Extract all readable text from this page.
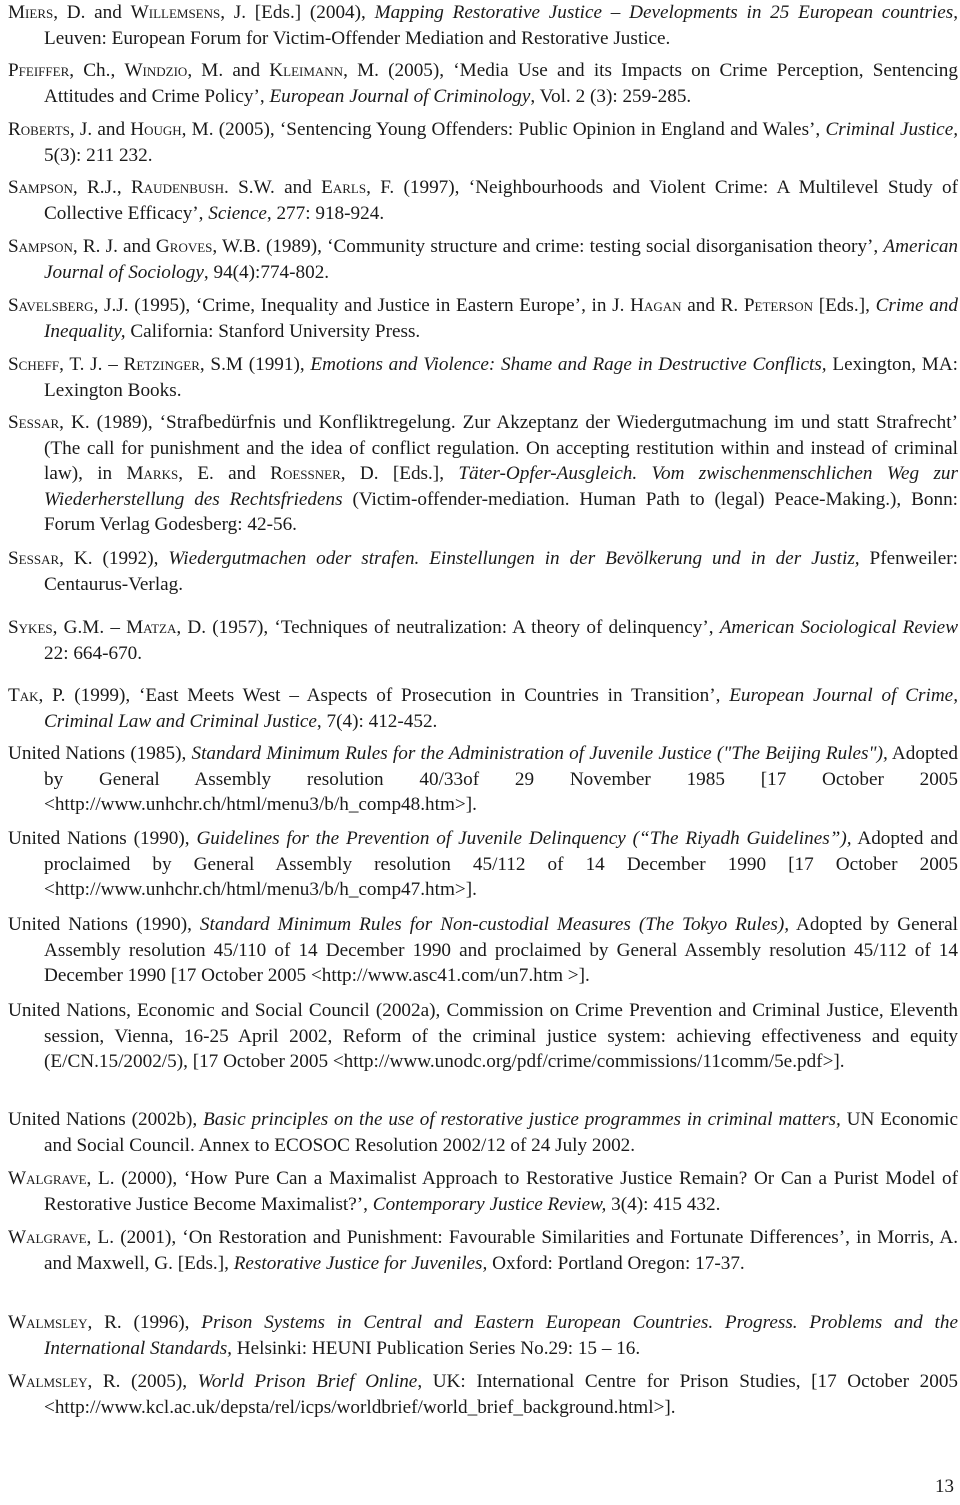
Miers, D. and Willemsens, J. [Eds.] (2004), Mapping Restorative Justice – Developments in 25 European countries, Leuven: European Forum for Victim-Offender Mediation and Restorative Justice.
Pfeiffer, Ch., Windzio, M. and Kleimann, M. (2005), ‘Media Use and its Impacts on Crime Perception, Sentencing Attitudes and Crime Policy’, European Journal of Criminology, Vol. 2 (3): 259-285.
Roberts, J. and Hough, M. (2005), ‘Sentencing Young Offenders: Public Opinion in England and Wales’, Criminal Justice, 5(3): 211 232.
Sampson, R.J., Raudenbush. S.W. and Earls, F. (1997), ‘Neighbourhoods and Violent Crime: A Multilevel Study of Collective Efficacy’, Science, 277: 918-924.
Sampson, R. J. and Groves, W.B. (1989), ‘Community structure and crime: testing social disorganisation theory’, American Journal of Sociology, 94(4):774-802.
Savelsberg, J.J. (1995), ‘Crime, Inequality and Justice in Eastern Europe’, in J. Hagan and R. Peterson [Eds.], Crime and Inequality, California: Stanford University Press.
Scheff, T. J. – Retzinger, S.M (1991), Emotions and Violence: Shame and Rage in Destructive Conflicts, Lexington, MA: Lexington Books.
Sessar, K. (1989), ‘Strafbedürfnis und Konfliktregelung. Zur Akzeptanz der Wiedergutmachung im und statt Strafrecht’ (The call for punishment and the idea of conflict regulation. On accepting restitution within and instead of criminal law), in Marks, E. and Roessner, D. [Eds.], Täter-Opfer-Ausgleich. Vom zwischenmenschlichen Weg zur Wiederherstellung des Rechtsfriedens (Victim-offender-mediation. Human Path to (legal) Peace-Making.), Bonn: Forum Verlag Godesberg: 42-56.
Sessar, K. (1992), Wiedergutmachen oder strafen. Einstellungen in der Bevölkerung und in der Justiz, Pfenweiler: Centaurus-Verlag.
Sykes, G.M. – Matza, D. (1957), ‘Techniques of neutralization: A theory of delinquency’, American Sociological Review 22: 664-670.
Tak, P. (1999), ‘East Meets West – Aspects of Prosecution in Countries in Transition’, European Journal of Crime, Criminal Law and Criminal Justice, 7(4): 412-452.
United Nations (1985), Standard Minimum Rules for the Administration of Juvenile Justice ("The Beijing Rules"), Adopted by General Assembly resolution 40/33of 29 November 1985 [17 October 2005 <http://www.unhchr.ch/html/menu3/b/h_comp48.htm>].
United Nations (1990), Guidelines for the Prevention of Juvenile Delinquency (“The Riyadh Guidelines”), Adopted and proclaimed by General Assembly resolution 45/112 of 14 December 1990 [17 October 2005 <http://www.unhchr.ch/html/menu3/b/h_comp47.htm>].
United Nations (1990), Standard Minimum Rules for Non-custodial Measures (The Tokyo Rules), Adopted by General Assembly resolution 45/110 of 14 December 1990 and proclaimed by General Assembly resolution 45/112 of 14 December 1990 [17 October 2005 <http://www.asc41.com/un7.htm >].
United Nations, Economic and Social Council (2002a), Commission on Crime Prevention and Criminal Justice, Eleventh session, Vienna, 16-25 April 2002, Reform of the criminal justice system: achieving effectiveness and equity (E/CN.15/2002/5), [17 October 2005 <http://www.unodc.org/pdf/crime/commissions/11comm/5e.pdf>].
United Nations (2002b), Basic principles on the use of restorative justice programmes in criminal matters, UN Economic and Social Council. Annex to ECOSOC Resolution 2002/12 of 24 July 2002.
Walgrave, L. (2000), ‘How Pure Can a Maximalist Approach to Restorative Justice Remain? Or Can a Purist Model of Restorative Justice Become Maximalist?’, Contemporary Justice Review, 3(4): 415 432.
Walgrave, L. (2001), ‘On Restoration and Punishment: Favourable Similarities and Fortunate Differences’, in Morris, A. and Maxwell, G. [Eds.], Restorative Justice for Juveniles, Oxford: Portland Oregon: 17-37.
Walmsley, R. (1996), Prison Systems in Central and Eastern European Countries. Progress. Problems and the International Standards, Helsinki: HEUNI Publication Series No.29: 15 – 16.
Walmsley, R. (2005), World Prison Brief Online, UK: International Centre for Prison Studies, [17 October 2005 <http://www.kcl.ac.uk/depsta/rel/icps/worldbrief/world_brief_background.html>].
13
